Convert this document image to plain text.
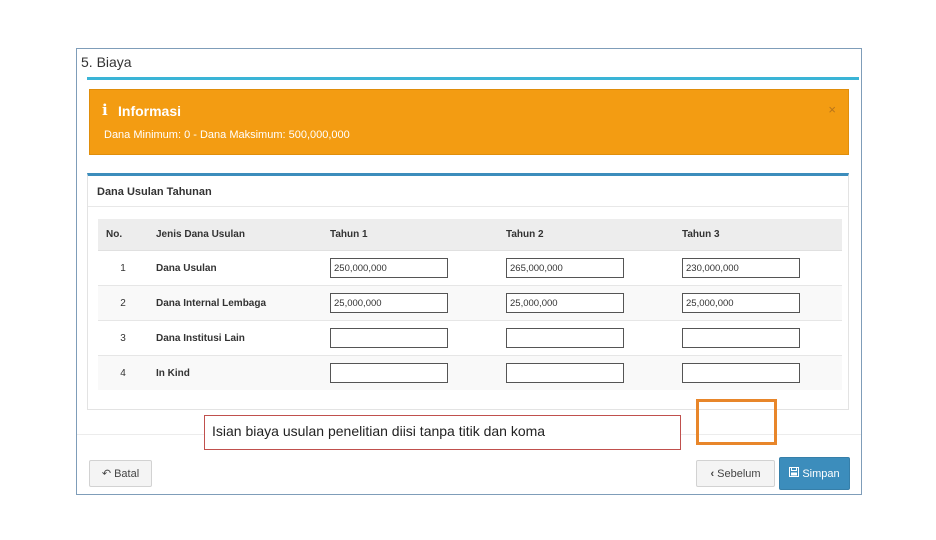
5. Biaya
i Informasi
Dana Minimum: 0 - Dana Maksimum: 500,000,000
×
Dana Usulan Tahunan
No.	Jenis Dana Usulan	Tahun 1	Tahun 2	Tahun 3
1	Dana Usulan	250,000,000	265,000,000	230,000,000
2	Dana Internal Lembaga	25,000,000	25,000,000	25,000,000
3	Dana Institusi Lain			
4	In Kind			
↶ Batal	‹ Sebelum	Simpan
Isian biaya usulan penelitian diisi tanpa titik dan koma
